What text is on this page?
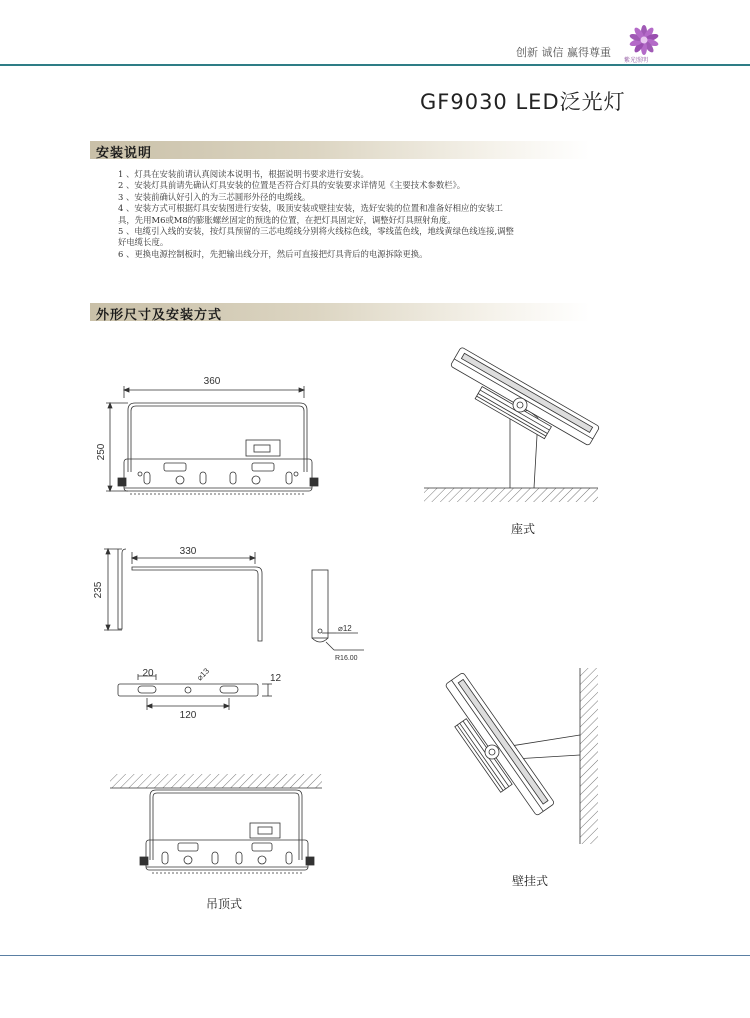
创新 诚信 赢得尊重
紫光照明
GF9030 LED泛光灯
安装说明
1 、灯具在安装前请认真阅读本说明书，根据说明书要求进行安装。
2 、安装灯具前请先确认灯具安装的位置是否符合灯具的安装要求详情见《主要技术参数栏》。
3 、安装前确认好引入的为三芯圆形外径的电缆线。
4 、安装方式可根据灯具安装图进行安装，吸顶安装或壁挂安装，选好安装的位置和准备好相应的安装工
具，先用M6或M8的膨胀螺丝固定的预选的位置，在把灯具固定好，调整好灯具照射角度。
5 、电缆引入线的安装，按灯具预留的三芯电缆线分别将火线棕色线，零线蓝色线，地线黄绿色线连接,调整
好电缆长度。
6 、更换电源控制板时，先把输出线分开，然后可直接把灯具背后的电源拆除更换。
外形尺寸及安装方式
360
250
330
235
⌀12
R16.00
20	⌀13	12
120
座式
壁挂式
吊顶式
